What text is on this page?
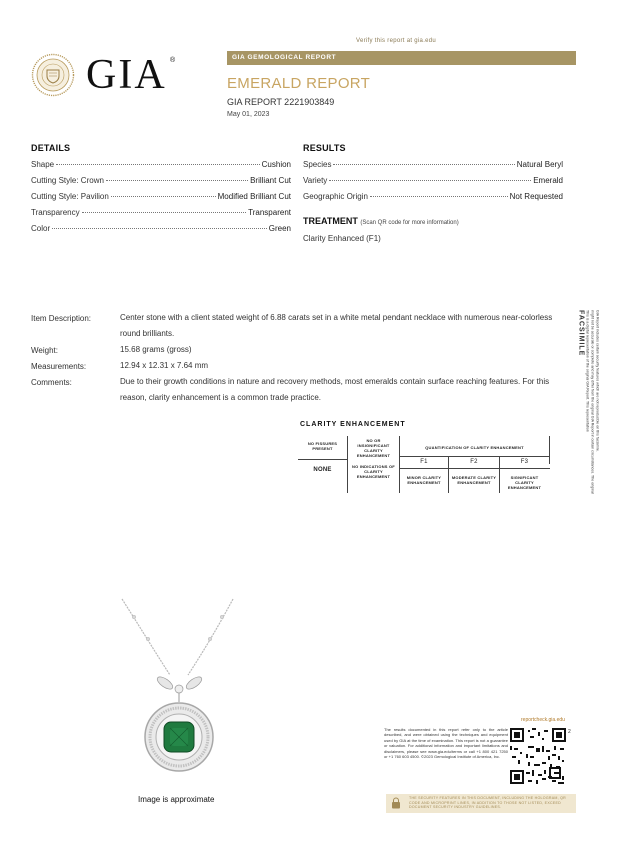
Verify this report at gia.edu
GIA ®	GIA GEMOLOGICAL REPORT
EMERALD REPORT
GIA REPORT 2221903849
May 01, 2023
DETAILS
Shape	Cushion
Cutting Style: Crown	Brilliant Cut
Cutting Style: Pavilion	Modified Brilliant Cut
Transparency	Transparent
Color	Green
RESULTS
Species	Natural Beryl
Variety	Emerald
Geographic Origin	Not Requested
TREATMENT (Scan QR code for more information)
Clarity Enhanced (F1)
Item Description:	Center stone with a client stated weight of 6.88 carats set in a white metal pendant necklace with numerous near-colorless round brilliants.
Weight:	15.68 grams (gross)
Measurements:	12.94 x 12.31 x 7.64 mm
Comments:	Due to their growth conditions in nature and recovery methods, most emeralds contain surface reaching features. For this reason, clarity enhancement is a common trade practice.
CLARITY ENHANCEMENT
NO FISSURES PRESENT
NO OR INSIGNIFICANT CLARITY ENHANCEMENT
QUANTIFICATION OF CLARITY ENHANCEMENT
NONE
NO INDICATIONS OF CLARITY ENHANCEMENT
F1	F2	F3
MINOR CLARITY ENHANCEMENT
MODERATE CLARITY ENHANCEMENT
SIGNIFICANT CLARITY ENHANCEMENT
FACSIMILE This is a digital representation of the original GIA Report. This representation might not be accurate or complete and may differ from the original GIA Report in certain circumstances. The original GIA Report includes certain security features which are not reproducible on this facsimile.
Image is approximate
reportcheck.gia.edu
The results documented in this report refer only to the article described, and were obtained using the techniques and equipment used by GIA at the time of examination. This report is not a guarantee or valuation. For additional information and important limitations and disclaimers, please see www.gia.edu/terms or call +1 800 421 7250 or +1 760 603 4500. ©2023 Gemological Institute of America, Inc.
2
THE SECURITY FEATURES IN THIS DOCUMENT, INCLUDING THE HOLOGRAM, QR CODE AND MICROPRINT LINES, IN ADDITION TO THOSE NOT LISTED, EXCEED DOCUMENT SECURITY INDUSTRY GUIDELINES.
